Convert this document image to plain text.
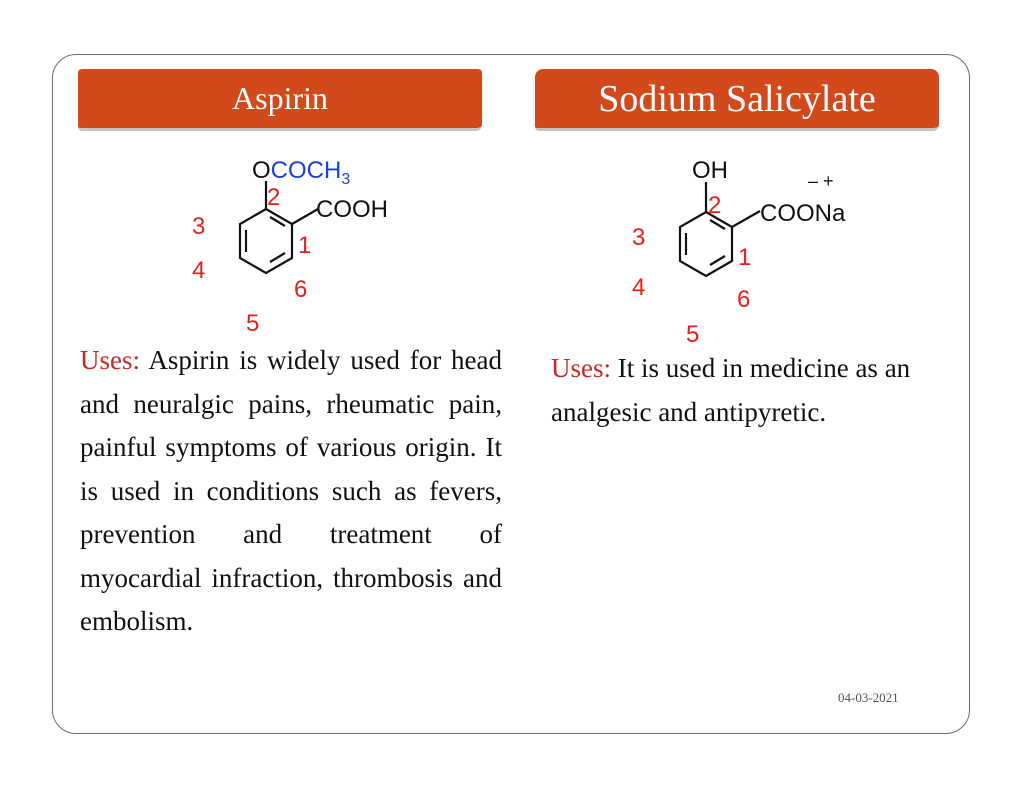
Aspirin	Sodium Salicylate
$OCOCH_3$
COOH
1
2
3
4
5
6
OH	– +
COONa
1
2
3
4
5
6

Uses: Aspirin is widely used for head and neuralgic pains, rheumatic pain, painful symptoms of various origin. It is used in conditions such as fevers, prevention and treatment of myocardial infraction, thrombosis and embolism.

Uses: It is used in medicine as an analgesic and antipyretic.

04-03-2021
